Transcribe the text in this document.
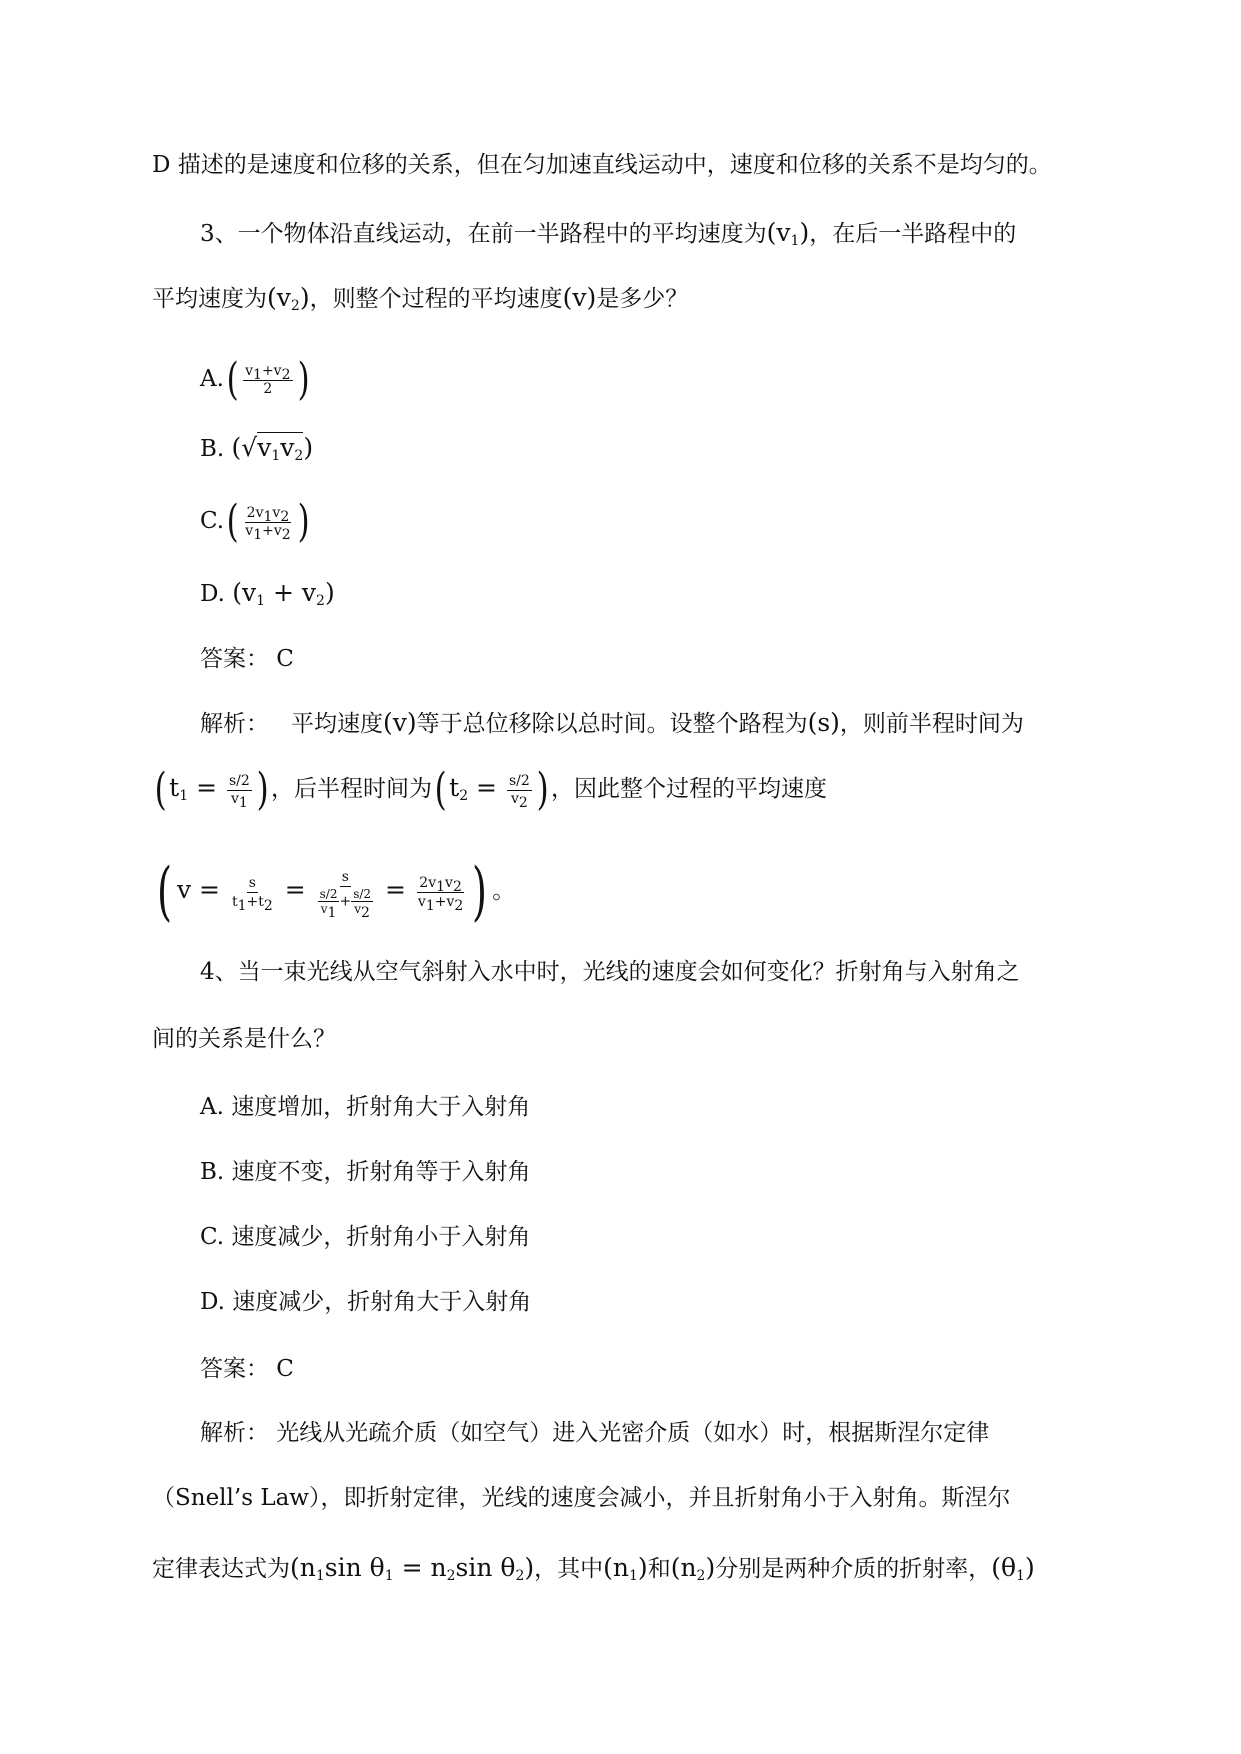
D 描述的是速度和位移的关系，但在匀加速直线运动中，速度和位移的关系不是均匀的。
3、一个物体沿直线运动，在前一半路程中的平均速度为$(v_1)$，在后一半路程中的
平均速度为$(v_2)$，则整个过程的平均速度(v)是多少？
$A.( \frac{v_1+v_2}{2}$ )
B. $(√v_1v_2)$
$C.( \frac{2v_1v_2}{v_1+v_2}$ )
D. $(v_1 + v_2)$
答案： C
解析： 平均速度(v)等于总位移除以总时间。设整个路程为(s)，则前半程时间为
( $t_1 = \frac{s/2}{v_1}$ ) ，后半程时间为( $t_2 = \frac{s/2}{v_2}$ ) ，因此整个过程的平均速度
( $v = \frac{s}{t_1+t_2} = \frac{s}{\frac{s/2}{v_1} + \frac{s/2}{v_2}} = \frac{2v_1v_2}{v_1+v_2}$ ) 。
4、当一束光线从空气斜射入水中时，光线的速度会如何变化？折射角与入射角之
间的关系是什么？
A. 速度增加，折射角大于入射角
B. 速度不变，折射角等于入射角
C. 速度减少，折射角小于入射角
D. 速度减少，折射角大于入射角
答案： C
解析： 光线从光疏介质（如空气）进入光密介质（如水）时，根据斯涅尔定律
（Snell’s Law），即折射定律，光线的速度会减小，并且折射角小于入射角。斯涅尔
定律表达式为($n_1\sin$ $\theta_1 = n_2\sin$ $\theta_2$)，其中$(n_1)$和$(n_2)$分别是两种介质的折射率，$(\theta_1)$
